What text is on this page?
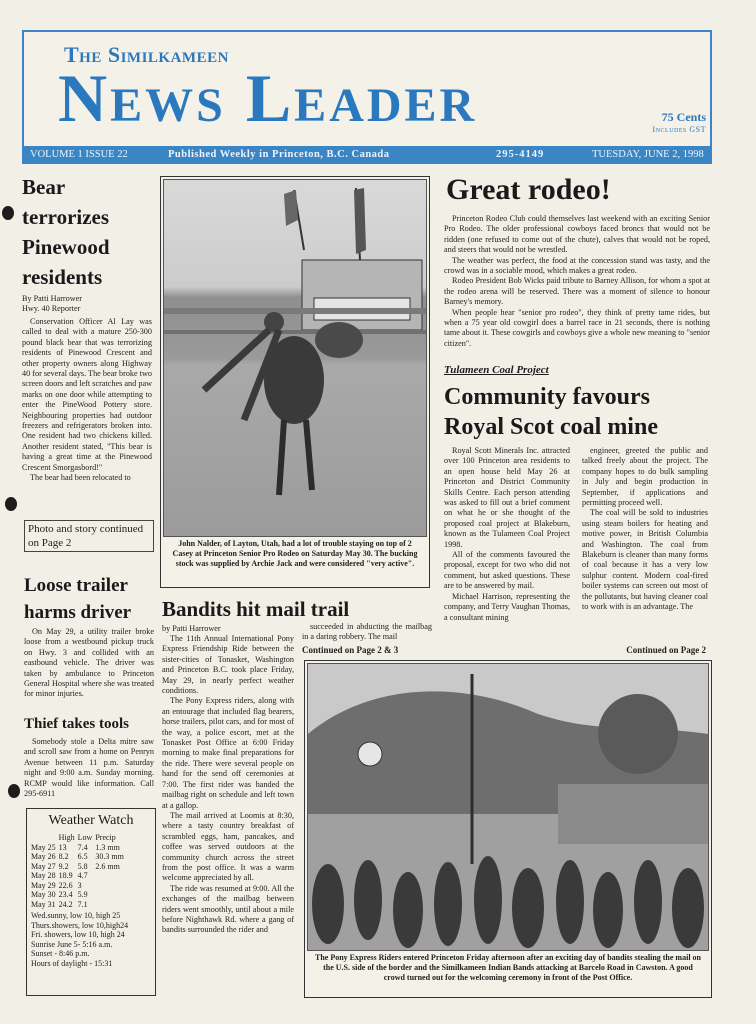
The Similkameen
News Leader	75 Cents
Includes GST
VOLUME 1 ISSUE 22	Published Weekly in Princeton, B.C. Canada	295-4149	TUESDAY, JUNE 2, 1998
Bear
terrorizes
Pinewood
residents
By Patti Harrower
Hwy. 40 Reporter

Conservation Officer Al Lay was called to deal with a mature 250-300 pound black bear that was terrorizing residents of Pinewood Crescent and other property owners along Highway 40 for several days. The bear broke two screen doors and left scratches and paw marks on one door while attempting to enter the PineWood Pottery store. Neighbouring properties had outdoor freezers and refrigerators broken into. One resident had two chickens killed. Another resident stated, "This bear is having a great time at the Pinewood Crescent Smorgasbord!"

The bear had been relocated to

Photo and story continued on Page 2	John Nalder, of Layton, Utah, had a lot of trouble staying on top of 2 Casey at Princeton Senior Pro Rodeo on Saturday May 30. The bucking stock was supplied by Archie Jack and were considered "very active".
Great rodeo!

Princeton Rodeo Club could themselves last weekend with an exciting Senior Pro Rodeo. The older professional cowboys faced broncs that would not be ridden (one refused to come out of the chute), calves that would not be roped, and steers that would not be wrestled.

The weather was perfect, the food at the concession stand was tasty, and the crowd was in a sociable mood, which makes a great rodeo.

Rodeo President Bob Wicks paid tribute to Barney Allison, for whom a spot at the rodeo arena will be reserved. There was a moment of silence to honour Barney's memory.

When people hear "senior pro rodeo", they think of pretty tame rides, but when a 75 year old cowgirl does a barrel race in 21 seconds, there is nothing tame about it. These cowgirls and cowboys give a whole new meaning to "senior citizen".

Tulameen Coal Project
Community favours
Royal Scot coal mine

Royal Scott Minerals Inc. attracted over 100 Princeton area residents to an open house held May 26 at Princeton and District Community Skills Centre. Each person attending was asked to fill out a brief comment on what he or she thought of the proposed coal project at Blakeburn, known as the Tulameen Coal Project 1998.

All of the comments favoured the proposal, except for two who did not comment, but asked questions. These are to be answered by mail.

Michael Harrison, representing the company, and Terry Vaughan Thomas, a consultant mining

engineer, greeted the public and talked freely about the project. The company hopes to do bulk sampling in July and begin production in September, if applications and permitting proceed well.

The coal will be sold to industries using steam boilers for heating and motive power, in British Columbia and Washington. The coal from Blakeburn is cleaner than many forms of coal because it has a very low sulphur content. Modern coal-fired boiler systems can screen out most of the pollutants, but having cleaner coal to work with is an advantage. The

Continued on Page 2
Loose trailer
harms driver

On May 29, a utility trailer broke loose from a westbound pickup truck on Hwy. 3 and collided with an eastbound vehicle. The driver was taken by ambulance to Princeton General Hospital where she was treated for minor injuries.

Thief takes tools

Somebody stole a Delta mitre saw and scroll saw from a home on Penryn Avenue between 11 p.m. Saturday night and 9:00 a.m. Sunday morning. RCMP would like information. Call 295-6911

Weather Watch
	High	Low	Precip
May 25	13	7.4	1.3 mm
May 26	8.2	6.5	30.3 mm
May 27	9.2	5.8	2.6 mm
May 28	18.9	4.7	
May 29	22.6	3	
May 30	23.4	5.9	
May 31	24.2	7.1	
Wed.sunny, low 10, high 25
Thurs.showers, low 10,high24
Fri. showers, low 10, high 24
Sunrise June 5- 5:16 a.m.
Sunset - 8:46 p.m.
Hours of daylight - 15:31
Bandits hit mail trail
by Patti Harrower

The 11th Annual International Pony Express Friendship Ride between the sister-cities of Tonasket, Washington and Princeton B.C. took place Friday, May 29, in nearly perfect weather conditions.

The Pony Express riders, along with an entourage that included flag bearers, horse trailers, pilot cars, and for most of the way, a police escort, met at the Tonasket Post Office at 6:00 Friday morning to make final preparations for the ride. There were several people on hand for the send off ceremonies at 7:00. The first rider was handed the mailbag right on schedule and left town at a gallop.

The mail arrived at Loomis at 8:30, where a tasty country breakfast of scrambled eggs, ham, pancakes, and coffee was served outdoors at the community church across the street from the post office. It was a warm welcome appreciated by all.

The ride was resumed at 9:00. All the exchanges of the mailbag between riders went smoothly, until about a mile before Nighthawk Rd. where a gang of bandits surrounded the rider and

succeeded in abducting the mailbag in a daring robbery. The mail

Continued on Page 2 & 3
The Pony Express Riders entered Princeton Friday afternoon after an exciting day of bandits stealing the mail on the U.S. side of the border and the Similkameen Indian Bands attacking at Barcelo Road in Cawston. A good crowd turned out for the welcoming ceremony in front of the Post Office.
